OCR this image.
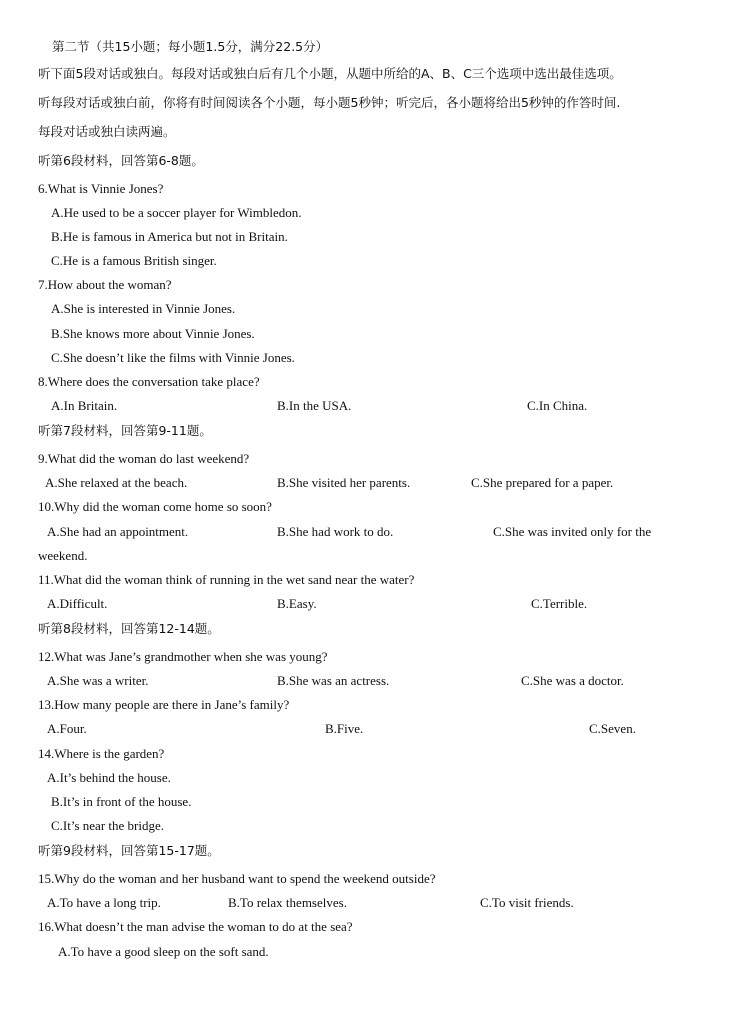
第二节（共15小题；每小题1.5分，满分22.5分）
听下面5段对话或独白。每段对话或独白后有几个小题，从题中所给的A、B、C三个选项中选出最佳选项。
听每段对话或独白前，你将有时间阅读各个小题，每小题5秒钟；听完后，各小题将给出5秒钟的作答时间.
每段对话或独白读两遍。
听第6段材料，回答第6-8题。
6.What is Vinnie Jones?
A.He used to be a soccer player for Wimbledon.
B.He is famous in America but not in Britain.
C.He is a famous British singer.
7.How about the woman?
A.She is interested in Vinnie Jones.
B.She knows more about Vinnie Jones.
C.She doesn’t like the films with Vinnie Jones.
8.Where does the conversation take place?
A.In Britain.	B.In the USA.	C.In China.
听第7段材料，回答第9-11题。
9.What did the woman do last weekend?
A.She relaxed at the beach.	B.She visited her parents.	C.She prepared for a paper.
10.Why did the woman come home so soon?
A.She had an appointment.	B.She had work to do.	C.She was invited only for the
weekend.
11.What did the woman think of running in the wet sand near the water?
A.Difficult.	B.Easy.	C.Terrible.
听第8段材料，回答第12-14题。
12.What was Jane’s grandmother when she was young?
A.She was a writer.	B.She was an actress.	C.She was a doctor.
13.How many people are there in Jane’s family?
A.Four.	B.Five.	C.Seven.
14.Where is the garden?
A.It’s behind the house.
B.It’s in front of the house.
C.It’s near the bridge.
听第9段材料，回答第15-17题。
15.Why do the woman and her husband want to spend the weekend outside?
A.To have a long trip.	B.To relax themselves.	C.To visit friends.
16.What doesn’t the man advise the woman to do at the sea?
A.To have a good sleep on the soft sand.
